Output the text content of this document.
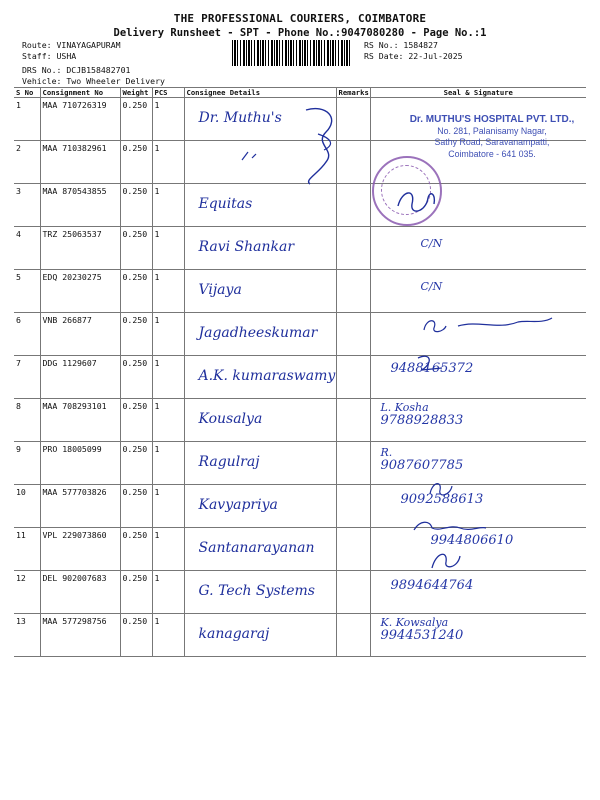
THE PROFESSIONAL COURIERS, COIMBATORE
Delivery Runsheet - SPT - Phone No.:9047080280 - Page No.:1
Route: VINAYAGAPURAM
Staff: USHA
DRS No.: DCJB158482701
Vehicle: Two Wheeler Delivery
RS No.: 1584827
RS Date: 22-Jul-2025
S No	Consignment No	Weight	PCS	Consignee Details	Remarks	Seal & Signature
1	MAA 710726319	0.250	1	Dr. Muthu's		

2	MAA 710382961	0.250	1	

3	MAA 870543855	0.250	1	Equitas		

4	TRZ 25063537	0.250	1	Ravi Shankar		C/N

5	EDQ 20230275	0.250	1	Vijaya		C/N

6	VNB 266877	0.250	1	Jagadheeskumar		

7	DDG 1129607	0.250	1	A.K. kumaraswamy		9488165372

8	MAA 708293101	0.250	1	Kousalya		L. Kosha
9788928833

9	PRO 18005099	0.250	1	Ragulraj		R.
9087607785

10	MAA 577703826	0.250	1	Kavyapriya		9092588613

11	VPL 229073860	0.250	1	Santanarayanan		9944806610

12	DEL 902007683	0.250	1	G. Tech Systems		9894644764

13	MAA 577298756	0.250	1	kanagaraj		K. Kowsalya
9944531240
Dr. MUTHU'S HOSPITAL PVT. LTD.,
No. 281, Palanisamy Nagar,
Sathy Road, Saravanampatti,
Coimbatore - 641 035.
